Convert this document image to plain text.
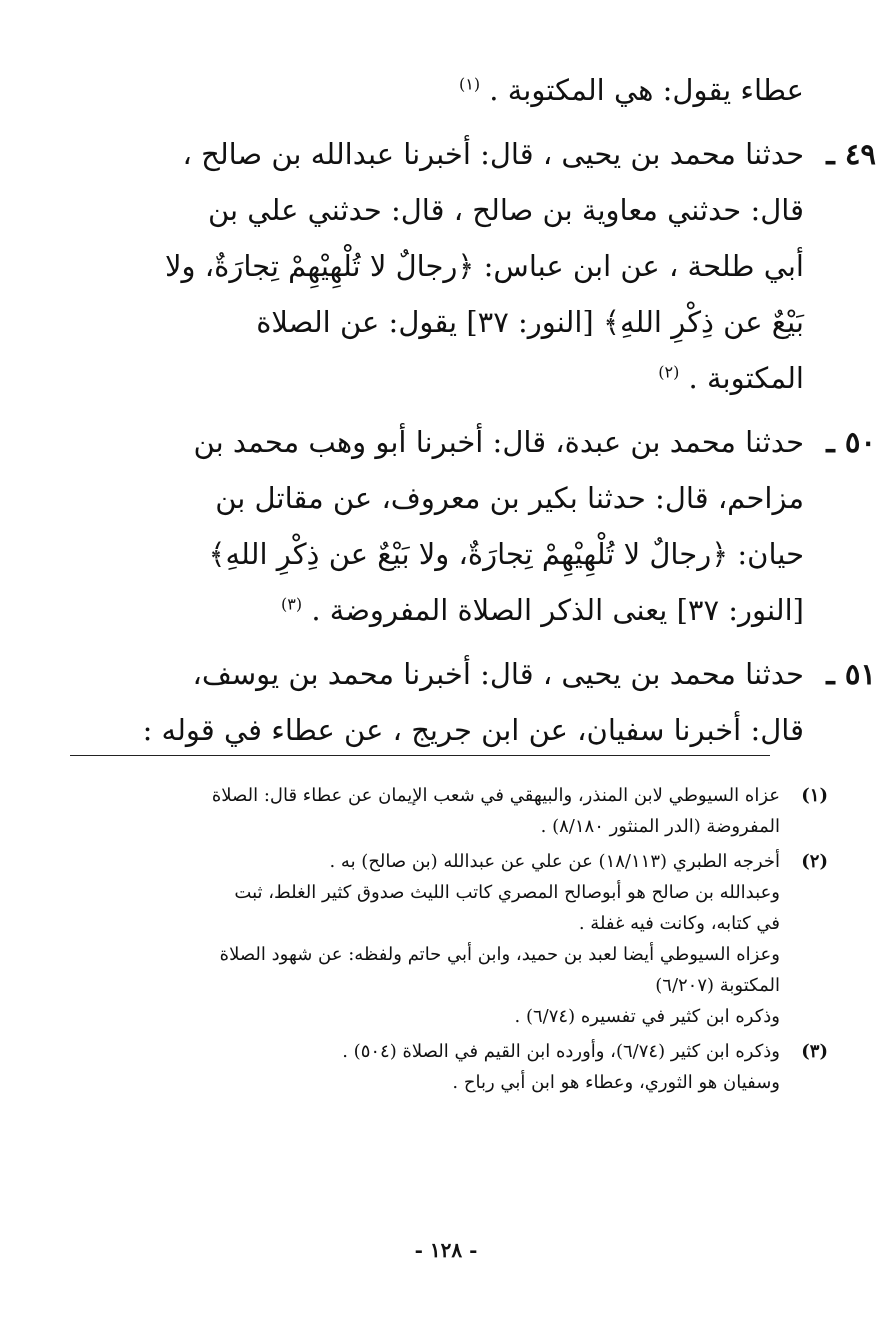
عطاء يقول: هي المكتوبة . $^{(١)}$
٤٩ ـ
حدثنا محمد بن يحيى ، قال: أخبرنا عبدالله بن صالح ،
قال: حدثني معاوية بن صالح ، قال: حدثني علي بن
أبي طلحة ، عن ابن عباس: ﴿رجالٌ لا تُلْهِيْهِمْ تِجارَةٌ، ولا
بَيْعٌ عن ذِكْرِ اللهِ﴾ [النور: ٣٧] يقول: عن الصلاة
المكتوبة . $^{(٢)}$
٥٠ ـ
حدثنا محمد بن عبدة، قال: أخبرنا أبو وهب محمد بن
مزاحم، قال: حدثنا بكير بن معروف، عن مقاتل بن
حيان: ﴿رجالٌ لا تُلْهِيْهِمْ تِجارَةٌ، ولا بَيْعٌ عن ذِكْرِ اللهِ﴾
[النور: ٣٧] يعنى الذكر الصلاة المفروضة . $^{(٣)}$
٥١ ـ
حدثنا محمد بن يحيى ، قال: أخبرنا محمد بن يوسف،
قال: أخبرنا سفيان، عن ابن جريج ، عن عطاء في قوله :
(١)
عزاه السيوطي لابن المنذر، والبيهقي في شعب الإيمان عن عطاء قال: الصلاة
المفروضة (الدر المنثور ٨/١٨٠) .
(٢)
أخرجه الطبري (١٨/١١٣) عن علي عن عبدالله (بن صالح) به .
وعبدالله بن صالح هو أبوصالح المصري كاتب الليث صدوق كثير الغلط، ثبت
في كتابه، وكانت فيه غفلة .
وعزاه السيوطي أيضا لعبد بن حميد، وابن أبي حاتم ولفظه: عن شهود الصلاة
المكتوبة (٦/٢٠٧)
وذكره ابن كثير في تفسيره (٦/٧٤) .
(٣)
وذكره ابن كثير (٦/٧٤)، وأورده ابن القيم في الصلاة (٥٠٤) .
وسفيان هو الثوري، وعطاء هو ابن أبي رباح .
- ١٢٨ -
